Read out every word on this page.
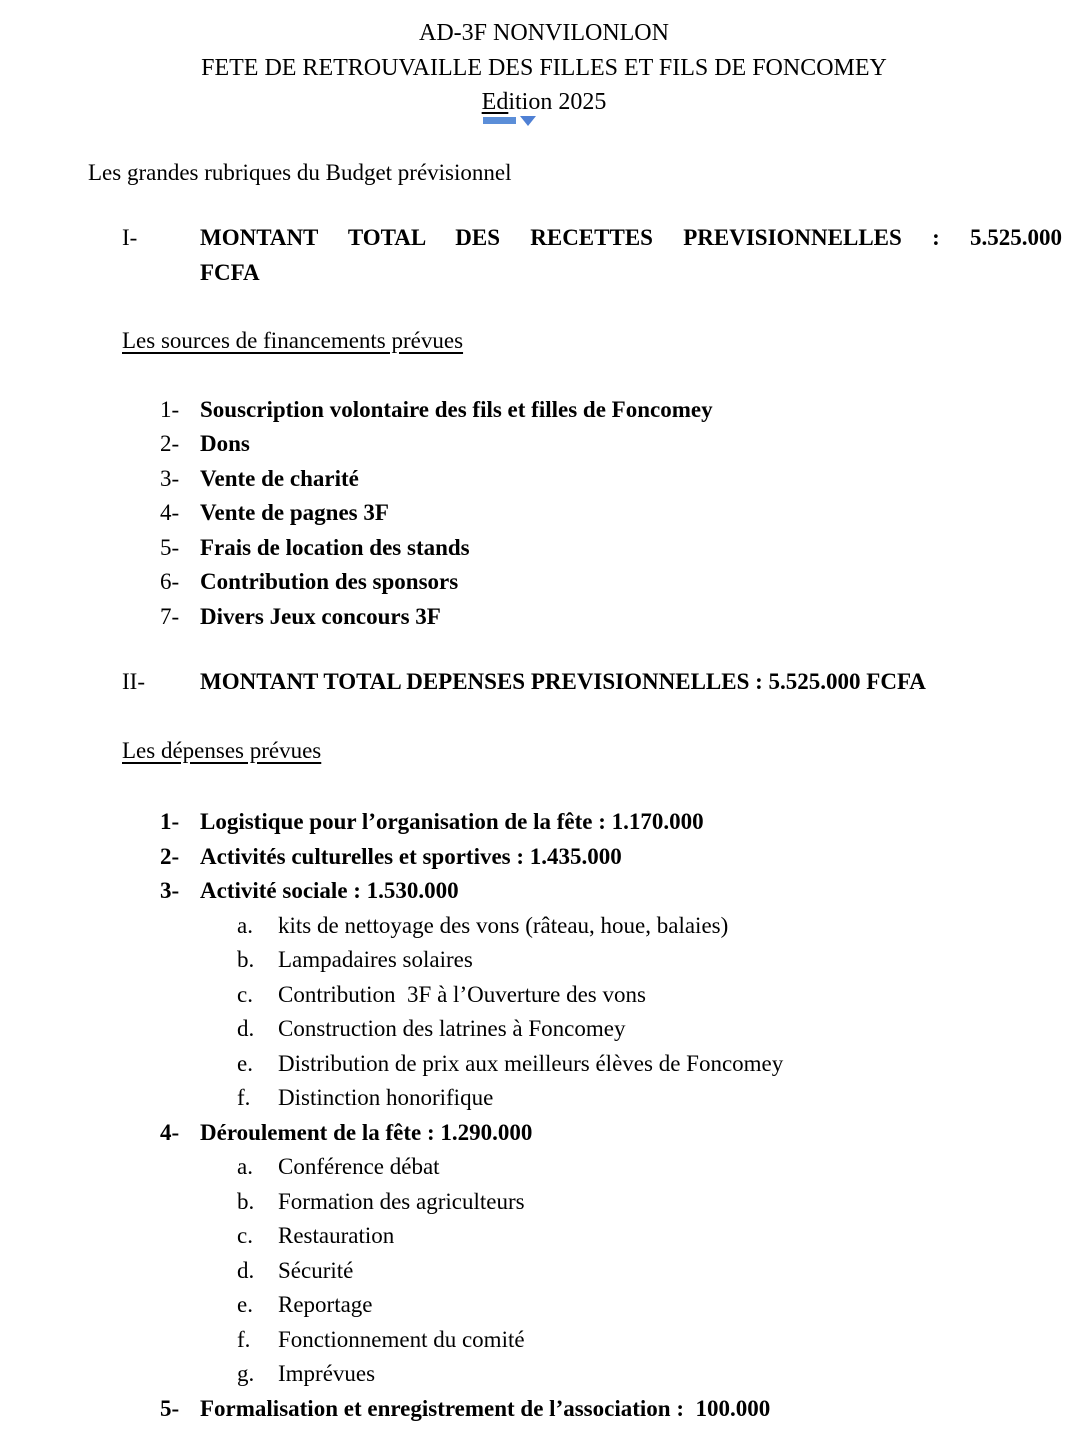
AD-3F NONVILONLON
FETE DE RETROUVAILLE DES FILLES ET FILS DE FONCOMEY
Edition 2025

Les grandes rubriques du Budget prévisionnel

I-	MONTANT TOTAL DES RECETTES PREVISIONNELLES : 5.525.000
FCFA
Les sources de financements prévues
1- Souscription volontaire des fils et filles de Foncomey
2- Dons
3- Vente de charité
4- Vente de pagnes 3F
5- Frais de location des stands
6- Contribution des sponsors
7- Divers Jeux concours 3F
II-	MONTANT TOTAL DEPENSES PREVISIONNELLES : 5.525.000 FCFA
Les dépenses prévues
1- Logistique pour l’organisation de la fête : 1.170.000
2- Activités culturelles et sportives : 1.435.000
3- Activité sociale : 1.530.000
a.	kits de nettoyage des vons (râteau, houe, balaies)
b.	Lampadaires solaires
c.	Contribution  3F à l’Ouverture des vons
d.	Construction des latrines à Foncomey
e.	Distribution de prix aux meilleurs élèves de Foncomey
f.	Distinction honorifique
4- Déroulement de la fête : 1.290.000
a.	Conférence débat
b.	Formation des agriculteurs
c.	Restauration
d.	Sécurité
e.	Reportage
f.	Fonctionnement du comité
g.	Imprévues
5- Formalisation et enregistrement de l’association :  100.000
